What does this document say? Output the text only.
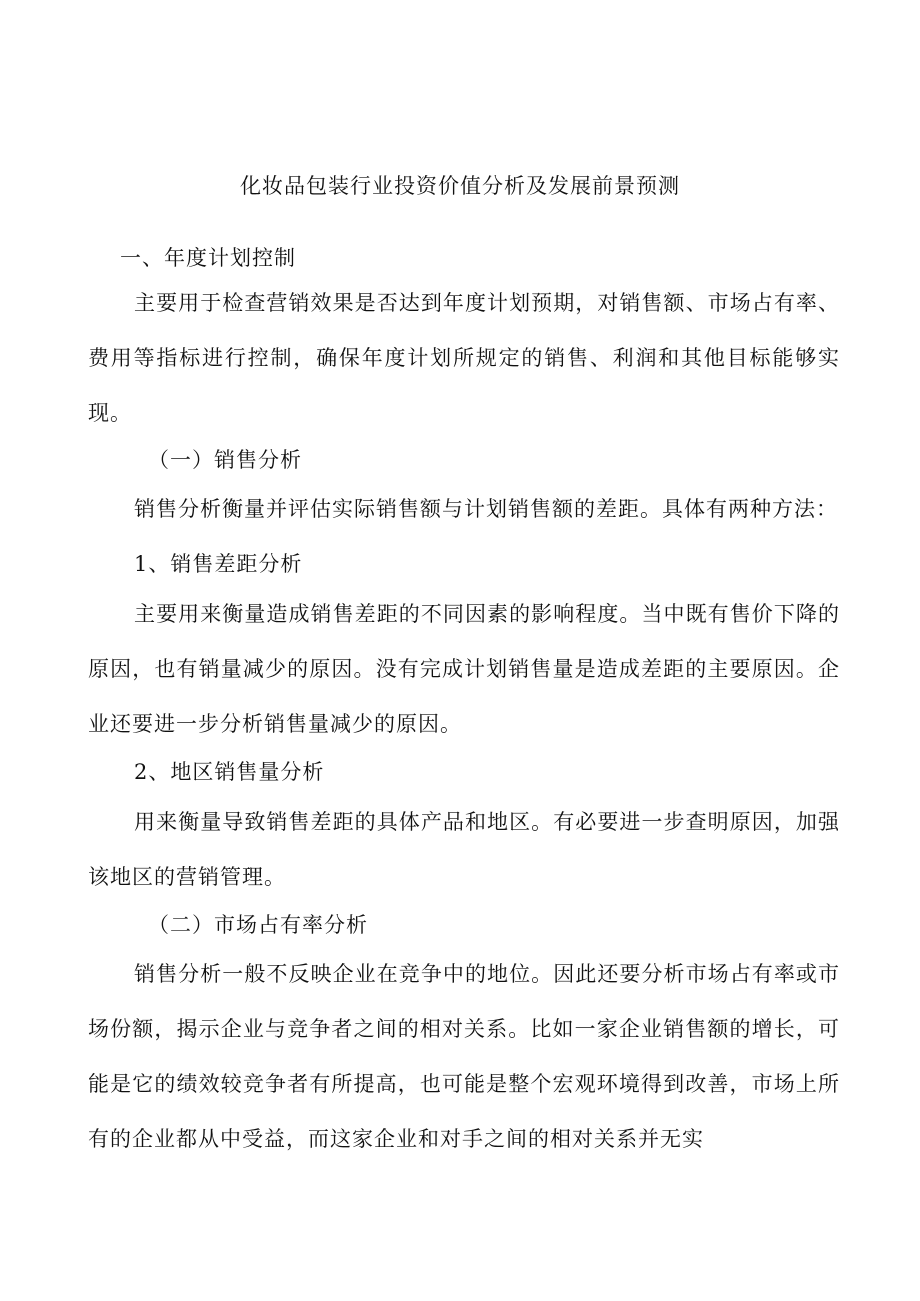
化妆品包装行业投资价值分析及发展前景预测
一、年度计划控制
主要用于检查营销效果是否达到年度计划预期，对销售额、市场占有率、费用等指标进行控制，确保年度计划所规定的销售、利润和其他目标能够实现。
（一）销售分析
销售分析衡量并评估实际销售额与计划销售额的差距。具体有两种方法：
1、销售差距分析
主要用来衡量造成销售差距的不同因素的影响程度。当中既有售价下降的原因，也有销量减少的原因。没有完成计划销售量是造成差距的主要原因。企业还要进一步分析销售量减少的原因。
2、地区销售量分析
用来衡量导致销售差距的具体产品和地区。有必要进一步查明原因，加强该地区的营销管理。
（二）市场占有率分析
销售分析一般不反映企业在竞争中的地位。因此还要分析市场占有率或市场份额，揭示企业与竞争者之间的相对关系。比如一家企业销售额的增长，可能是它的绩效较竞争者有所提高，也可能是整个宏观环境得到改善，市场上所有的企业都从中受益，而这家企业和对手之间的相对关系并无实
